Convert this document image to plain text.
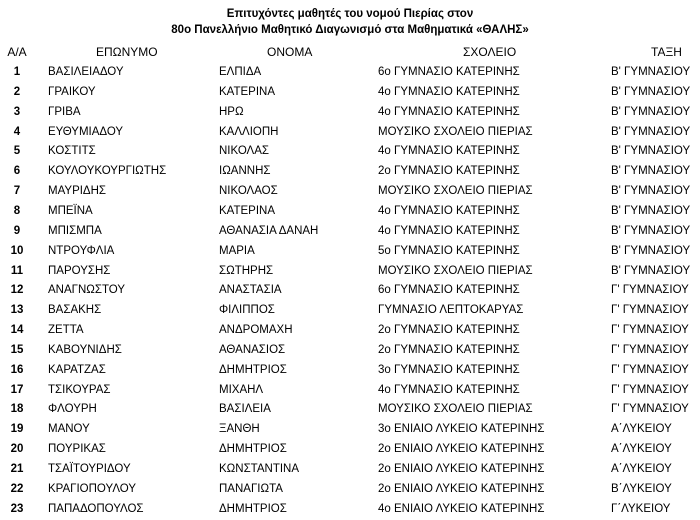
Επιτυχόντες μαθητές του νομού Πιερίας στον
80ο Πανελλήνιο Μαθητικό Διαγωνισμό στα Μαθηματικά «ΘΑΛΗΣ»
Α/Α	ΕΠΩΝΥΜΟ	ΟΝΟΜΑ	ΣΧΟΛΕΙΟ	ΤΑΞΗ
1	ΒΑΣΙΛΕΙΑΔΟΥ	ΕΛΠΙΔΑ	6ο ΓΥΜΝΑΣΙΟ ΚΑΤΕΡΙΝΗΣ	Β' ΓΥΜΝΑΣΙΟΥ
2	ΓΡΑΙΚΟΥ	ΚΑΤΕΡΙΝΑ	4ο ΓΥΜΝΑΣΙΟ ΚΑΤΕΡΙΝΗΣ	Β' ΓΥΜΝΑΣΙΟΥ
3	ΓΡΙΒΑ	ΗΡΩ	4ο ΓΥΜΝΑΣΙΟ ΚΑΤΕΡΙΝΗΣ	Β' ΓΥΜΝΑΣΙΟΥ
4	ΕΥΘΥΜΙΑΔΟΥ	ΚΑΛΛΙΟΠΗ	ΜΟΥΣΙΚΟ ΣΧΟΛΕΙΟ ΠΙΕΡΙΑΣ	Β' ΓΥΜΝΑΣΙΟΥ
5	ΚΟΣΤΙΤΣ	ΝΙΚΟΛΑΣ	4ο ΓΥΜΝΑΣΙΟ ΚΑΤΕΡΙΝΗΣ	Β' ΓΥΜΝΑΣΙΟΥ
6	ΚΟΥΛΟΥΚΟΥΡΓΙΩΤΗΣ	ΙΩΑΝΝΗΣ	2ο ΓΥΜΝΑΣΙΟ ΚΑΤΕΡΙΝΗΣ	Β' ΓΥΜΝΑΣΙΟΥ
7	ΜΑΥΡΙΔΗΣ	ΝΙΚΟΛΑΟΣ	ΜΟΥΣΙΚΟ ΣΧΟΛΕΙΟ ΠΙΕΡΙΑΣ	Β' ΓΥΜΝΑΣΙΟΥ
8	ΜΠΕΪΝΑ	ΚΑΤΕΡΙΝΑ	4ο ΓΥΜΝΑΣΙΟ ΚΑΤΕΡΙΝΗΣ	Β' ΓΥΜΝΑΣΙΟΥ
9	ΜΠΙΣΜΠΑ	ΑΘΑΝΑΣΙΑ ΔΑΝΑΗ	4ο ΓΥΜΝΑΣΙΟ ΚΑΤΕΡΙΝΗΣ	Β' ΓΥΜΝΑΣΙΟΥ
10	ΝΤΡΟΥΦΛΙΑ	ΜΑΡΙΑ	5ο ΓΥΜΝΑΣΙΟ ΚΑΤΕΡΙΝΗΣ	Β' ΓΥΜΝΑΣΙΟΥ
11	ΠΑΡΟΥΣΗΣ	ΣΩΤΗΡΗΣ	ΜΟΥΣΙΚΟ ΣΧΟΛΕΙΟ ΠΙΕΡΙΑΣ	Β' ΓΥΜΝΑΣΙΟΥ
12	ΑΝΑΓΝΩΣΤΟΥ	ΑΝΑΣΤΑΣΙΑ	6ο ΓΥΜΝΑΣΙΟ ΚΑΤΕΡΙΝΗΣ	Γ' ΓΥΜΝΑΣΙΟΥ
13	ΒΑΣΑΚΗΣ	ΦΙΛΙΠΠΟΣ	ΓΥΜΝΑΣΙΟ ΛΕΠΤΟΚΑΡΥΑΣ	Γ' ΓΥΜΝΑΣΙΟΥ
14	ΖΕΤΤΑ	ΑΝΔΡΟΜΑΧΗ	2ο ΓΥΜΝΑΣΙΟ ΚΑΤΕΡΙΝΗΣ	Γ' ΓΥΜΝΑΣΙΟΥ
15	ΚΑΒΟΥΝΙΔΗΣ	ΑΘΑΝΑΣΙΟΣ	2ο ΓΥΜΝΑΣΙΟ ΚΑΤΕΡΙΝΗΣ	Γ' ΓΥΜΝΑΣΙΟΥ
16	ΚΑΡΑΤΖΑΣ	ΔΗΜΗΤΡΙΟΣ	3ο ΓΥΜΝΑΣΙΟ ΚΑΤΕΡΙΝΗΣ	Γ' ΓΥΜΝΑΣΙΟΥ
17	ΤΣΙΚΟΥΡΑΣ	ΜΙΧΑΗΛ	4ο ΓΥΜΝΑΣΙΟ ΚΑΤΕΡΙΝΗΣ	Γ' ΓΥΜΝΑΣΙΟΥ
18	ΦΛΟΥΡΗ	ΒΑΣΙΛΕΙΑ	ΜΟΥΣΙΚΟ ΣΧΟΛΕΙΟ ΠΙΕΡΙΑΣ	Γ' ΓΥΜΝΑΣΙΟΥ
19	ΜΑΝΟΥ	ΞΑΝΘΗ	3ο ΕΝΙΑΙΟ ΛΥΚΕΙΟ ΚΑΤΕΡΙΝΗΣ	Α΄ΛΥΚΕΙΟΥ
20	ΠΟΥΡΙΚΑΣ	ΔΗΜΗΤΡΙΟΣ	2ο ΕΝΙΑΙΟ ΛΥΚΕΙΟ ΚΑΤΕΡΙΝΗΣ	Α΄ΛΥΚΕΙΟΥ
21	ΤΣΑΪΤΟΥΡΙΔΟΥ	ΚΩΝΣΤΑΝΤΙΝΑ	2ο ΕΝΙΑΙΟ ΛΥΚΕΙΟ ΚΑΤΕΡΙΝΗΣ	Α΄ΛΥΚΕΙΟΥ
22	ΚΡΑΓΙΟΠΟΥΛΟΥ	ΠΑΝΑΓΙΩΤΑ	2ο ΕΝΙΑΙΟ ΛΥΚΕΙΟ ΚΑΤΕΡΙΝΗΣ	Β΄ΛΥΚΕΙΟΥ
23	ΠΑΠΑΔΟΠΟΥΛΟΣ	ΔΗΜΗΤΡΙΟΣ	4ο ΕΝΙΑΙΟ ΛΥΚΕΙΟ ΚΑΤΕΡΙΝΗΣ	Γ΄ΛΥΚΕΙΟΥ
